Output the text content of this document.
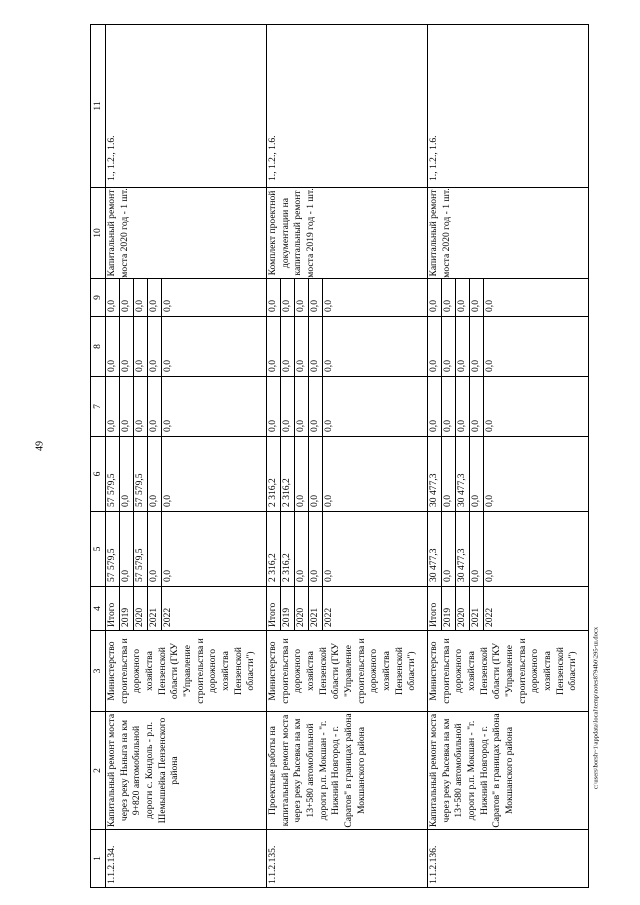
49
c:\users\borsh~1\appdata\local\temp\notes8794b0\295-ш.docx
1	2	3	4	5	6	7	8	9	10	11
1.1.2.134.	Капитальный ремонт моста через реку Ньныга на км 9+820 автомобильной дороги с. Кондоль - р.п. Шемышейка Пензенского района	Министерство строительства и дорожного хозяйства Пензенской области (ГКУ "Управление строительства и дорожного хозяйства Пензенской области")	Итого	57 579,5	57 579,5	0,0	0,0	0,0	Капитальный ремонт моста 2020 год - 1 шт.	1., 1.2., 1.6.
			2019	0,0	0,0	0,0	0,0	0,0		
			2020	57 579,5	57 579,5	0,0	0,0	0,0		
			2021	0,0	0,0	0,0	0,0	0,0		
			2022	0,0	0,0	0,0	0,0	0,0		
1.1.2.135.	Проектные работы на капитальный ремонт моста через реку Рысевка на км 13+580 автомобильной дороги р.п. Мокшан - "г. Нижний Новгород - г. Саратов" в границах района Мокшанского района	Министерство строительства и дорожного хозяйства Пензенской области (ГКУ "Управление строительства и дорожного хозяйства Пензенской области")	Итого	2 316,2	2 316,2	0,0	0,0	0,0	Комплект проектной документации на капитальный ремонт моста 2019 год - 1 шт.	1., 1.2., 1.6.
			2019	2 316,2	2 316,2	0,0	0,0	0,0		
			2020	0,0	0,0	0,0	0,0	0,0		
			2021	0,0	0,0	0,0	0,0	0,0		
			2022	0,0	0,0	0,0	0,0	0,0		
1.1.2.136.	Капитальный ремонт моста через реку Рысевка на км 13+580 автомобильной дороги р.п. Мокшан - "г. Нижний Новгород - г. Саратов" в границах района Мокшанского района	Министерство строительства и дорожного хозяйства Пензенской области (ГКУ "Управление строительства и дорожного хозяйства Пензенской области")	Итого	30 477,3	30 477,3	0,0	0,0	0,0	Капитальный ремонт моста 2020 год - 1 шт.	1., 1.2., 1.6.
			2019	0,0	0,0	0,0	0,0	0,0		
			2020	30 477,3	30 477,3	0,0	0,0	0,0		
			2021	0,0	0,0	0,0	0,0	0,0		
			2022	0,0	0,0	0,0	0,0	0,0		
